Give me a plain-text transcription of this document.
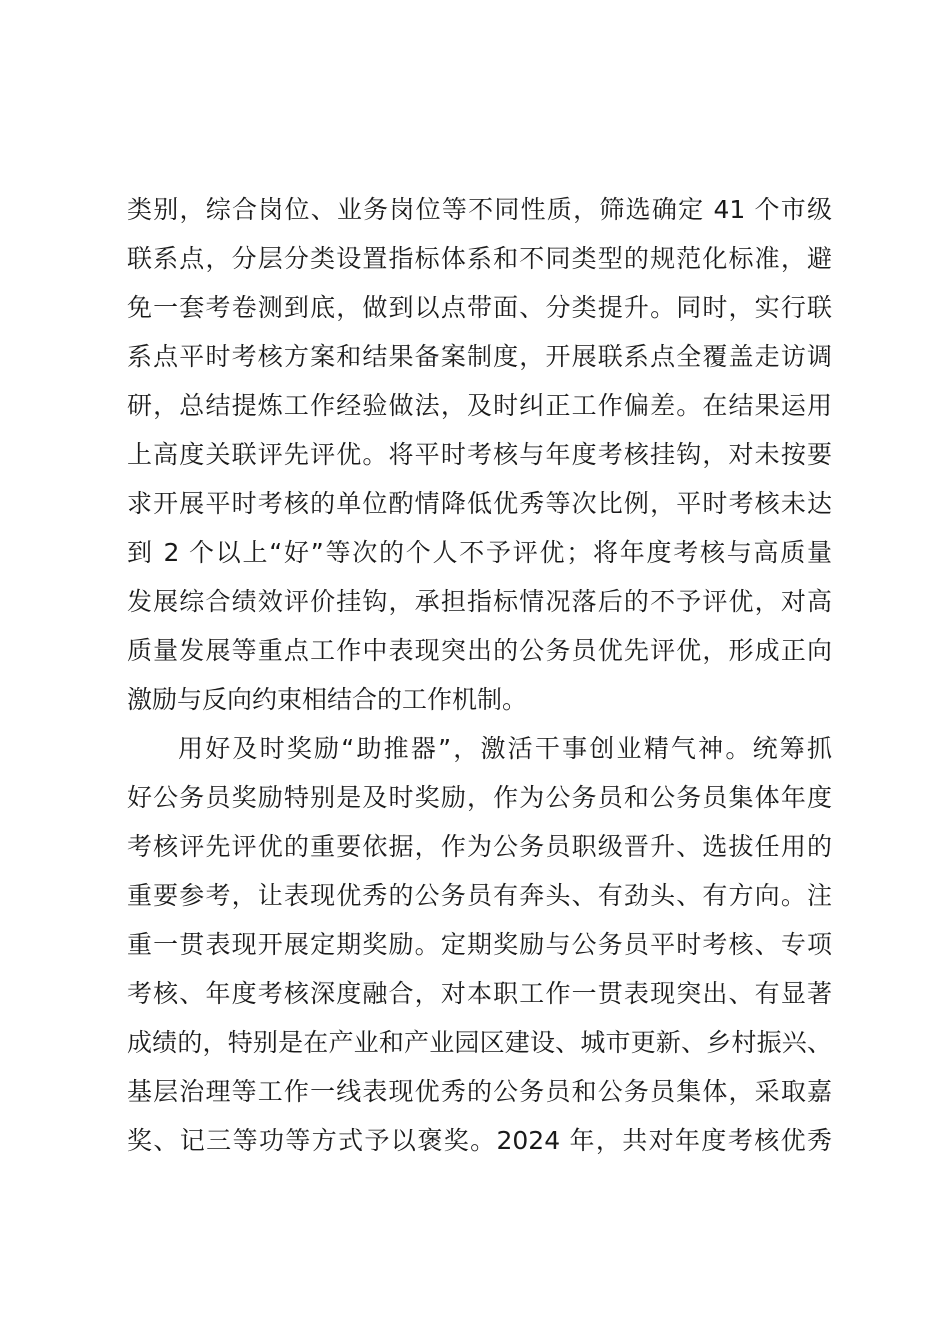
类别，综合岗位、业务岗位等不同性质，筛选确定 41 个市级
联系点，分层分类设置指标体系和不同类型的规范化标准，避
免一套考卷测到底，做到以点带面、分类提升。同时，实行联
系点平时考核方案和结果备案制度，开展联系点全覆盖走访调
研，总结提炼工作经验做法，及时纠正工作偏差。在结果运用
上高度关联评先评优。将平时考核与年度考核挂钩，对未按要
求开展平时考核的单位酌情降低优秀等次比例，平时考核未达
到 2 个以上“好”等次的个人不予评优；将年度考核与高质量
发展综合绩效评价挂钩，承担指标情况落后的不予评优，对高
质量发展等重点工作中表现突出的公务员优先评优，形成正向
激励与反向约束相结合的工作机制。
用好及时奖励“助推器”，激活干事创业精气神。统筹抓
好公务员奖励特别是及时奖励，作为公务员和公务员集体年度
考核评先评优的重要依据，作为公务员职级晋升、选拔任用的
重要参考，让表现优秀的公务员有奔头、有劲头、有方向。注
重一贯表现开展定期奖励。定期奖励与公务员平时考核、专项
考核、年度考核深度融合，对本职工作一贯表现突出、有显著
成绩的，特别是在产业和产业园区建设、城市更新、乡村振兴、
基层治理等工作一线表现优秀的公务员和公务员集体，采取嘉
奖、记三等功等方式予以褒奖。2024 年，共对年度考核优秀
